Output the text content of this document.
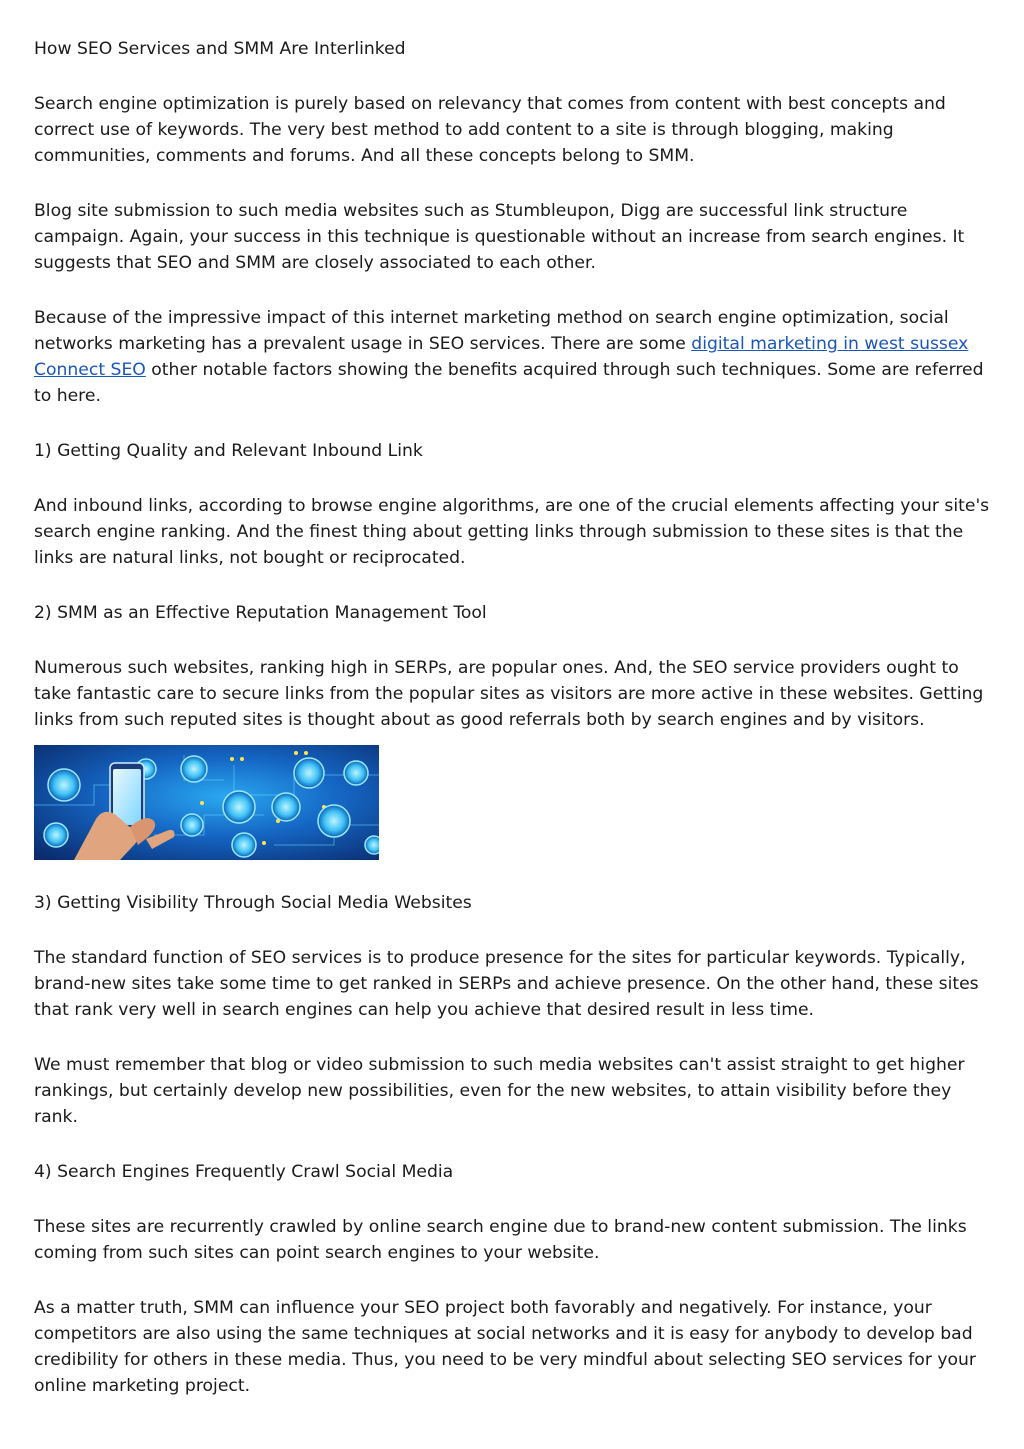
How SEO Services and SMM Are Interlinked

Search engine optimization is purely based on relevancy that comes from content with best concepts and correct use of keywords. The very best method to add content to a site is through blogging, making communities, comments and forums. And all these concepts belong to SMM.

Blog site submission to such media websites such as Stumbleupon, Digg are successful link structure campaign. Again, your success in this technique is questionable without an increase from search engines. It suggests that SEO and SMM are closely associated to each other.

Because of the impressive impact of this internet marketing method on search engine optimization, social networks marketing has a prevalent usage in SEO services. There are some digital marketing in west sussex Connect SEO other notable factors showing the benefits acquired through such techniques. Some are referred to here.

1) Getting Quality and Relevant Inbound Link

And inbound links, according to browse engine algorithms, are one of the crucial elements affecting your site's search engine ranking. And the finest thing about getting links through submission to these sites is that the links are natural links, not bought or reciprocated.

2) SMM as an Effective Reputation Management Tool

Numerous such websites, ranking high in SERPs, are popular ones. And, the SEO service providers ought to take fantastic care to secure links from the popular sites as visitors are more active in these websites. Getting links from such reputed sites is thought about as good referrals both by search engines and by visitors.

3) Getting Visibility Through Social Media Websites

The standard function of SEO services is to produce presence for the sites for particular keywords. Typically, brand-new sites take some time to get ranked in SERPs and achieve presence. On the other hand, these sites that rank very well in search engines can help you achieve that desired result in less time.

We must remember that blog or video submission to such media websites can't assist straight to get higher rankings, but certainly develop new possibilities, even for the new websites, to attain visibility before they rank.

4) Search Engines Frequently Crawl Social Media

These sites are recurrently crawled by online search engine due to brand-new content submission. The links coming from such sites can point search engines to your website.

As a matter truth, SMM can influence your SEO project both favorably and negatively. For instance, your competitors are also using the same techniques at social networks and it is easy for anybody to develop bad credibility for others in these media. Thus, you need to be very mindful about selecting SEO services for your online marketing project.
